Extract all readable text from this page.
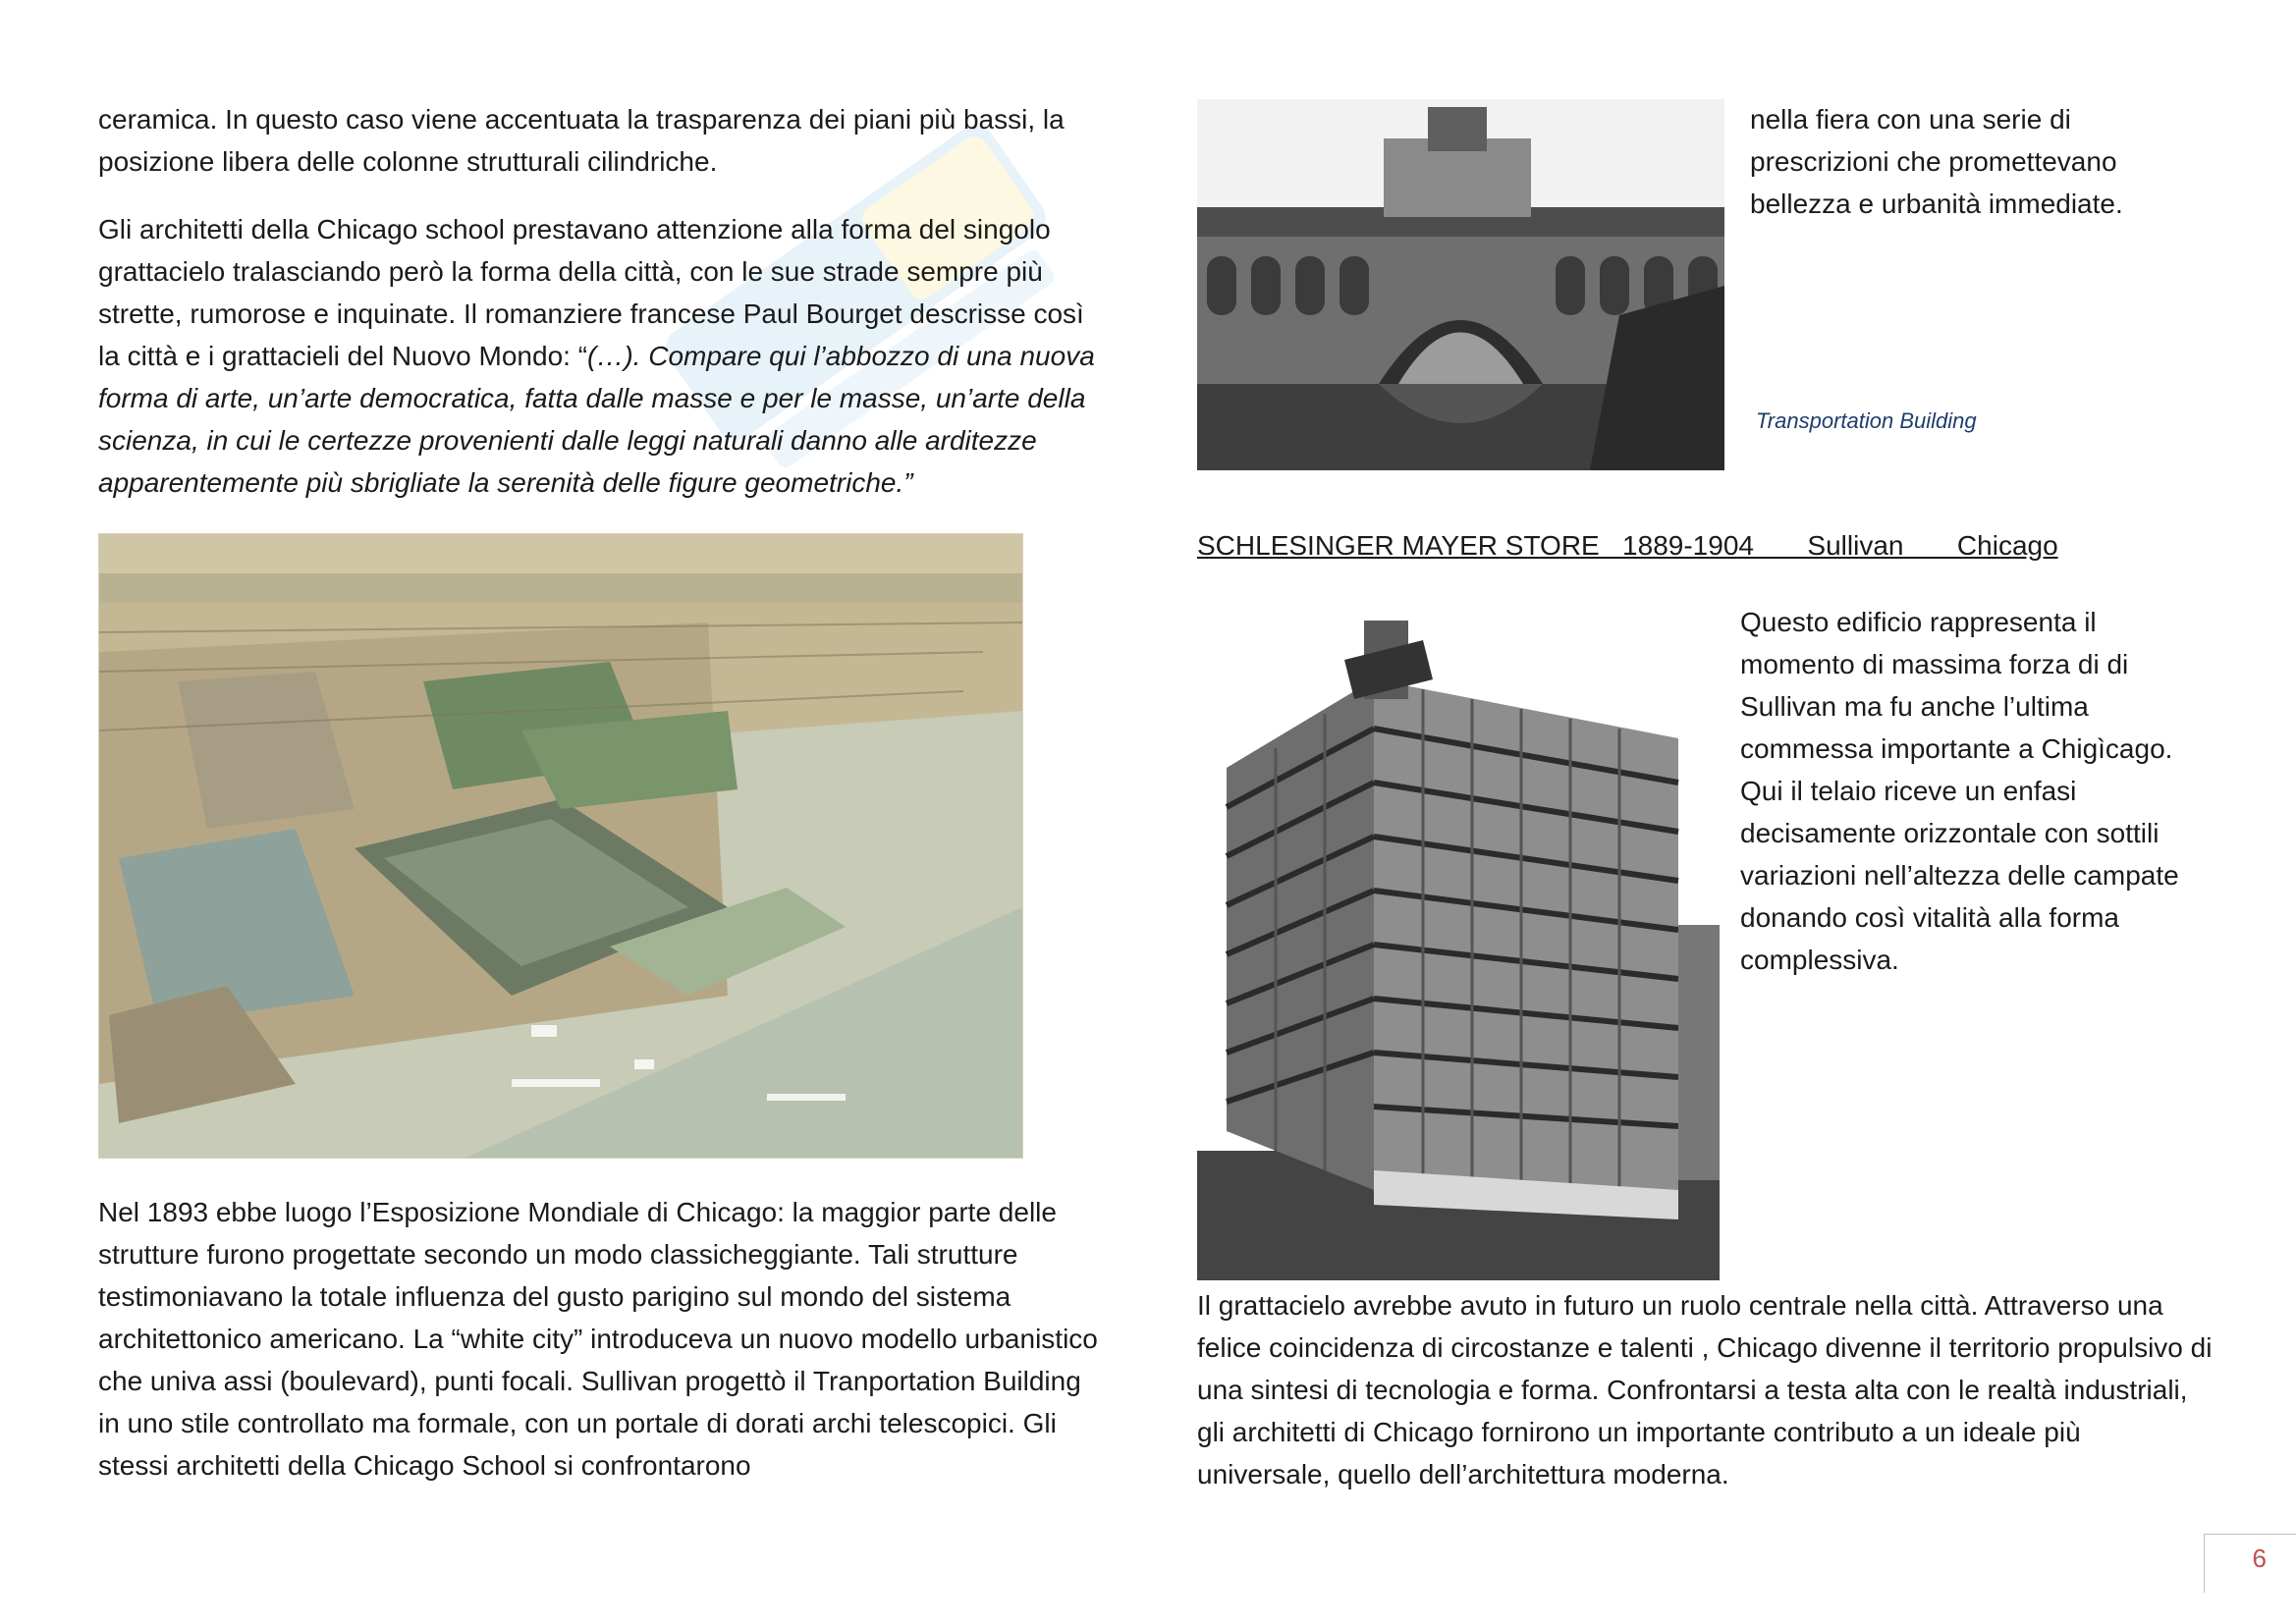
ceramica. In questo caso viene accentuata la trasparenza dei piani più bassi, la posizione libera delle colonne strutturali cilindriche.

Gli architetti della Chicago school prestavano attenzione alla forma del singolo grattacielo tralasciando però la forma della città, con le sue strade sempre più strette, rumorose e inquinate. Il romanziere francese Paul Bourget descrisse così la città e i grattacieli del Nuovo Mondo: “(…). Compare qui l’abbozzo di una nuova forma di arte, un’arte democratica, fatta dalle masse e per le masse, un’arte della scienza, in cui le certezze provenienti dalle leggi naturali danno alle arditezze apparentemente più sbrigliate la serenità delle figure geometriche.”

Nel 1893 ebbe luogo l’Esposizione Mondiale di Chicago: la maggior parte delle strutture furono progettate secondo un modo classicheggiante. Tali strutture testimoniavano la totale influenza del gusto parigino sul mondo del sistema architettonico americano. La “white city” introduceva un nuovo modello urbanistico che univa assi (boulevard), punti focali. Sullivan progettò il Tranportation Building in uno stile controllato ma formale, con un portale di dorati archi telescopici. Gli stessi architetti della Chicago School si confrontarono

nella fiera con una serie di prescrizioni che promettevano bellezza e urbanità immediate.

Transportation Building
SCHLESINGER MAYER STORE   1889-1904       Sullivan       Chicago

Questo edificio rappresenta il momento di massima forza di di Sullivan ma fu anche l’ultima commessa importante a Chigìcago. Qui il telaio riceve un enfasi decisamente orizzontale con sottili variazioni nell’altezza delle campate donando così vitalità alla forma complessiva.

Il grattacielo avrebbe avuto in futuro un ruolo centrale nella città. Attraverso una felice coincidenza di circostanze e talenti , Chicago divenne il territorio propulsivo di una sintesi di tecnologia e forma. Confrontarsi a testa alta con le realtà industriali, gli architetti di Chicago fornirono un importante contributo a un ideale più universale, quello dell’architettura moderna.

6
